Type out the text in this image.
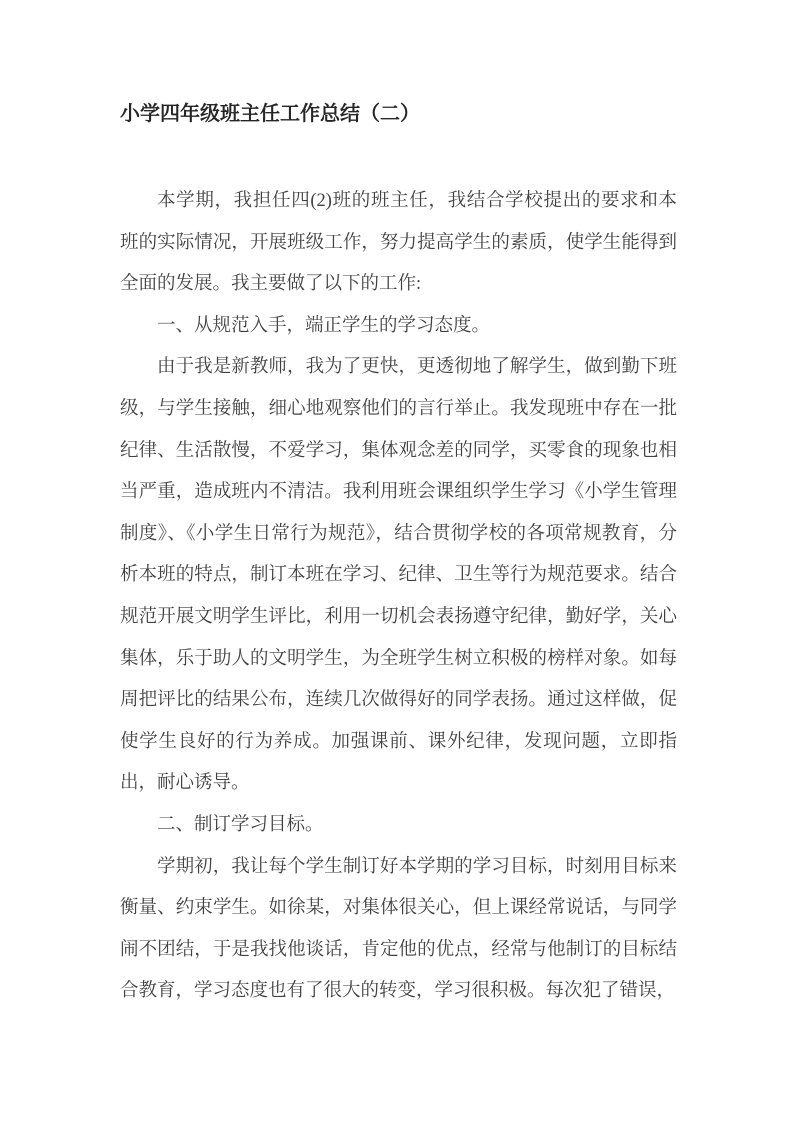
小学四年级班主任工作总结（二）

本学期，我担任四(2)班的班主任，我结合学校提出的要求和本班的实际情况，开展班级工作，努力提高学生的素质，使学生能得到全面的发展。我主要做了以下的工作:

一、从规范入手，端正学生的学习态度。

由于我是新教师，我为了更快，更透彻地了解学生，做到勤下班级，与学生接触，细心地观察他们的言行举止。我发现班中存在一批纪律、生活散慢，不爱学习，集体观念差的同学，买零食的现象也相当严重，造成班内不清洁。我利用班会课组织学生学习《小学生管理制度》、《小学生日常行为规范》，结合贯彻学校的各项常规教育，分析本班的特点，制订本班在学习、纪律、卫生等行为规范要求。结合规范开展文明学生评比，利用一切机会表扬遵守纪律，勤好学，关心集体，乐于助人的文明学生，为全班学生树立积极的榜样对象。如每周把评比的结果公布，连续几次做得好的同学表扬。通过这样做，促使学生良好的行为养成。加强课前、课外纪律，发现问题，立即指出，耐心诱导。

二、制订学习目标。

学期初，我让每个学生制订好本学期的学习目标，时刻用目标来衡量、约束学生。如徐某，对集体很关心，但上课经常说话，与同学闹不团结，于是我找他谈话，肯定他的优点，经常与他制订的目标结合教育，学习态度也有了很大的转变，学习很积极。每次犯了错误，
